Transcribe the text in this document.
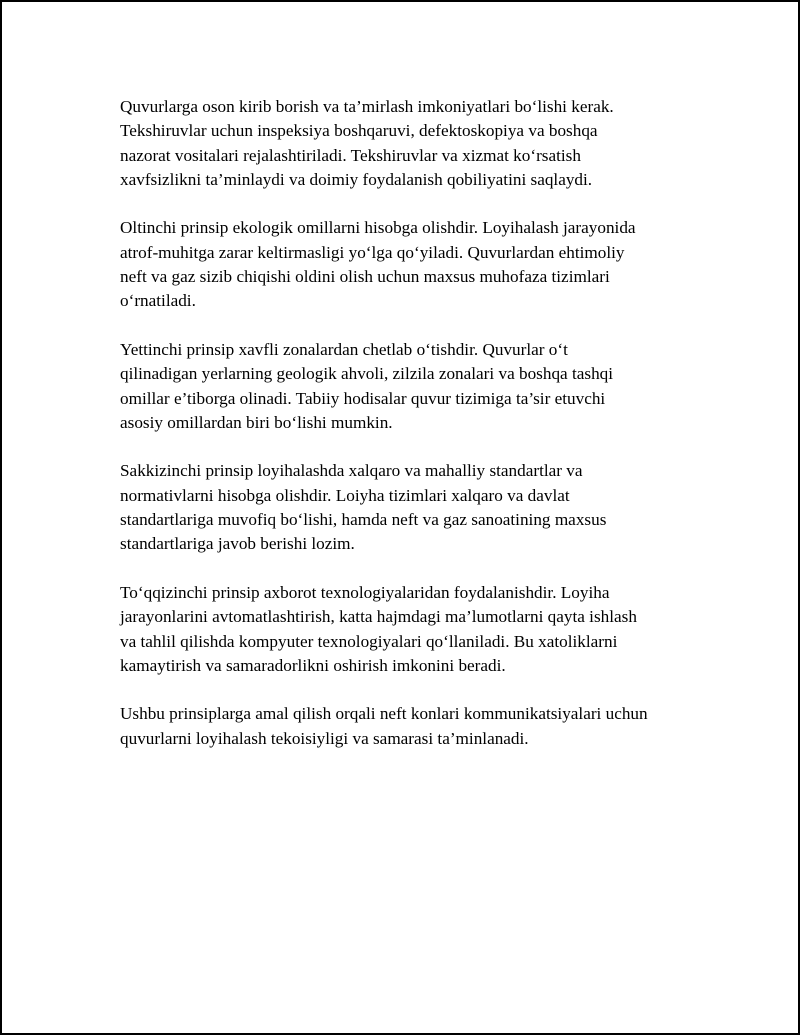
Quvurlarga oson kirib borish va ta’mirlash imkoniyatlari bo‘lishi kerak.
Tekshiruvlar uchun inspeksiya boshqaruvi, defektoskopiya va boshqa
nazorat vositalari rejalashtiriladi. Tekshiruvlar va xizmat ko‘rsatish
xavfsizlikni ta’minlaydi va doimiy foydalanish qobiliyatini saqlaydi.

Oltinchi prinsip ekologik omillarni hisobga olishdir. Loyihalash jarayonida
atrof-muhitga zarar keltirmasligi yo‘lga qo‘yiladi. Quvurlardan ehtimoliy
neft va gaz sizib chiqishi oldini olish uchun maxsus muhofaza tizimlari
o‘rnatiladi.

Yettinchi prinsip xavfli zonalardan chetlab o‘tishdir. Quvurlar o‘t
qilinadigan yerlarning geologik ahvoli, zilzila zonalari va boshqa tashqi
omillar e’tiborga olinadi. Tabiiy hodisalar quvur tizimiga ta’sir etuvchi
asosiy omillardan biri bo‘lishi mumkin.

Sakkizinchi prinsip loyihalashda xalqaro va mahalliy standartlar va
normativlarni hisobga olishdir. Loiyha tizimlari xalqaro va davlat
standartlariga muvofiq bo‘lishi, hamda neft va gaz sanoatining maxsus
standartlariga javob berishi lozim.

To‘qqizinchi prinsip axborot texnologiyalaridan foydalanishdir. Loyiha
jarayonlarini avtomatlashtirish, katta hajmdagi ma’lumotlarni qayta ishlash
va tahlil qilishda kompyuter texnologiyalari qo‘llaniladi. Bu xatoliklarni
kamaytirish va samaradorlikni oshirish imkonini beradi.

Ushbu prinsiplarga amal qilish orqali neft konlari kommunikatsiyalari uchun
quvurlarni loyihalash tekoisiyligi va samarasi ta’minlanadi.
